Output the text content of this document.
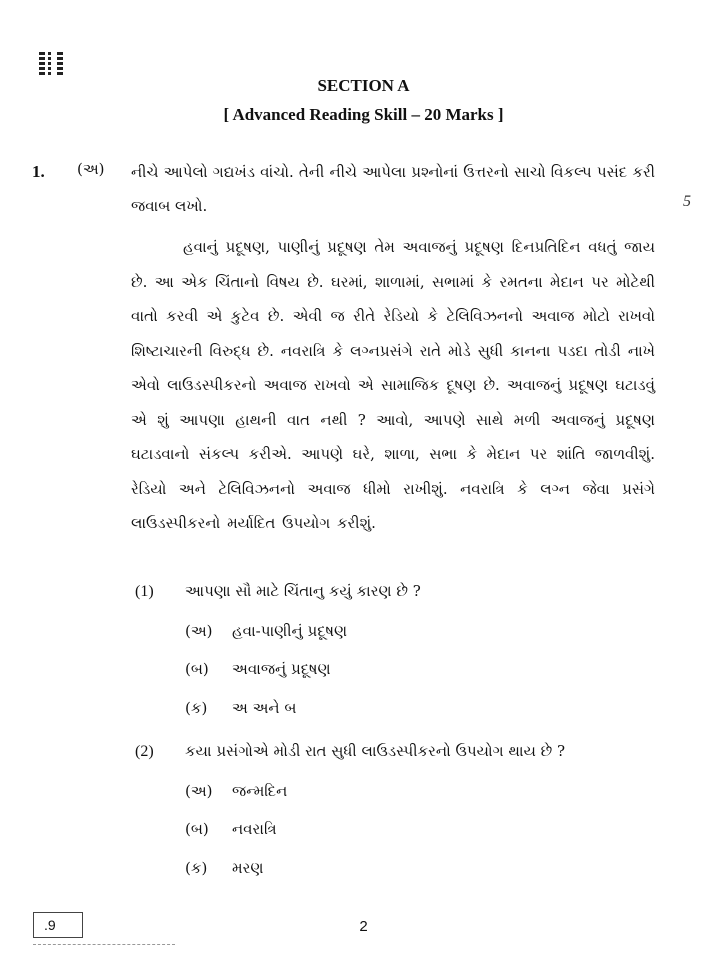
SECTION A
[ Advanced Reading Skill – 20 Marks ]
1. (અ) નીચે આપેલો ગદ્યખંડ વાંચો. તેની નીચે આપેલા પ્રશ્નોનાં ઉત્તરનો સાચો વિકલ્પ પસંદ કરી જવાબ લખો.	5
હવાનું પ્રદૂષણ, પાણીનું પ્રદૂષણ તેમ અવાજનું પ્રદૂષણ દિનપ્રતિદિન વધતું જાય છે. આ એક ચિંતાનો વિષય છે. ઘરમાં, શાળામાં, સભામાં કે રમતના મેદાન પર મોટેથી વાતો કરવી એ કુટેવ છે. એવી જ રીતે રેડિયો કે ટેલિવિઝનનો અવાજ મોટો રાખવો શિષ્ટાચારની વિરુદ્ધ છે. નવરાત્રિ કે લગ્નપ્રસંગે રાતે મોડે સુધી કાનના પડદા તોડી નાખે એવો લાઉડસ્પીકરનો અવાજ રાખવો એ સામાજિક દૂષણ છે. અવાજનું પ્રદૂષણ ઘટાડવું એ શું આપણા હાથની વાત નથી ? આવો, આપણે સાથે મળી અવાજનું પ્રદૂષણ ઘટાડવાનો સંકલ્પ કરીએ. આપણે ઘરે, શાળા, સભા કે મેદાન પર શાંતિ જાળવીશું. રેડિયો અને ટેલિવિઝનનો અવાજ ધીમો રાખીશું. નવરાત્રિ કે લગ્ન જેવા પ્રસંગે લાઉડસ્પીકરનો મર્યાદિત ઉપયોગ કરીશું.
(1) આપણા સૌ માટે ચિંતાનુ કયું કારણ છે ?
(અ) હવા-પાણીનું પ્રદૂષણ
(બ) અવાજનું પ્રદૂષણ
(ક) અ અને બ
(2) કયા પ્રસંગોએ મોડી રાત સુધી લાઉડસ્પીકરનો ઉપયોગ થાય છે ?
(અ) જન્મદિન
(બ) નવરાત્રિ
(ક) મરણ
.9	2
